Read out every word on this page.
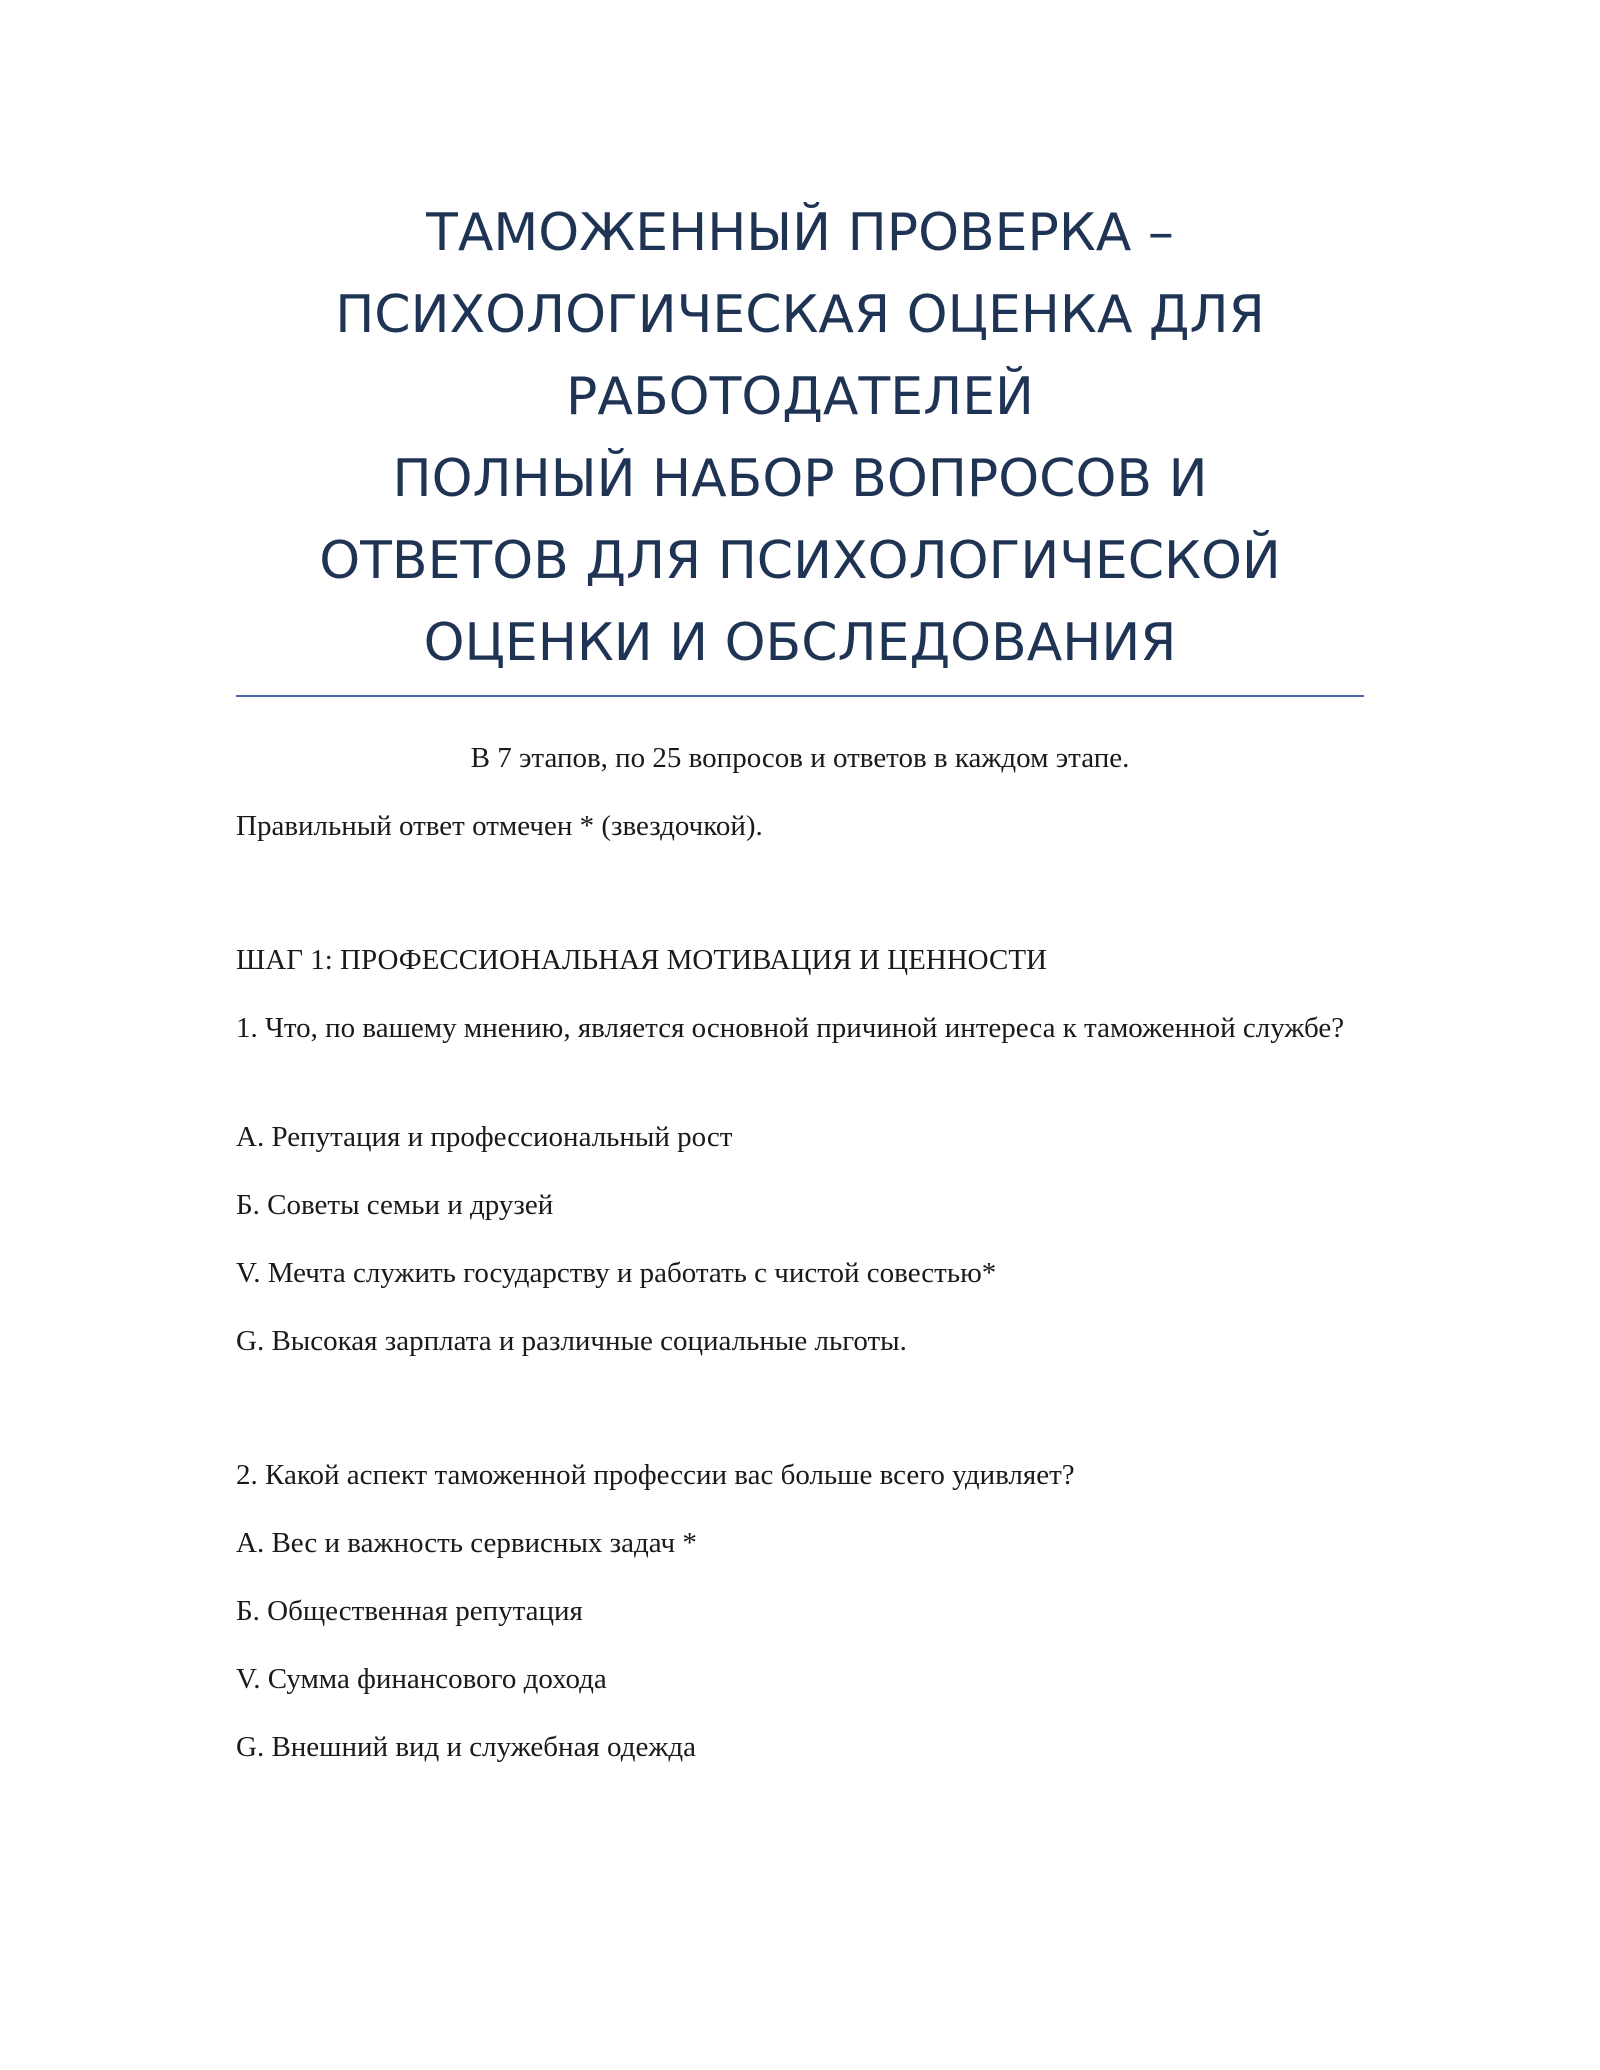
ТАМОЖЕННЫЙ ПРОВЕРКА –
ПСИХОЛОГИЧЕСКАЯ ОЦЕНКА ДЛЯ
РАБОТОДАТЕЛЕЙ
ПОЛНЫЙ НАБОР ВОПРОСОВ И
ОТВЕТОВ ДЛЯ ПСИХОЛОГИЧЕСКОЙ
ОЦЕНКИ И ОБСЛЕДОВАНИЯ

В 7 этапов, по 25 вопросов и ответов в каждом этапе.

Правильный ответ отмечен * (звездочкой).

ШАГ 1: ПРОФЕССИОНАЛЬНАЯ МОТИВАЦИЯ И ЦЕННОСТИ

1. Что, по вашему мнению, является основной причиной интереса к таможенной службе?

A. Репутация и профессиональный рост

Б. Советы семьи и друзей

V. Мечта служить государству и работать с чистой совестью*

G. Высокая зарплата и различные социальные льготы.

2. Какой аспект таможенной профессии вас больше всего удивляет?

A. Вес и важность сервисных задач *

Б. Общественная репутация

V. Сумма финансового дохода

G. Внешний вид и служебная одежда
